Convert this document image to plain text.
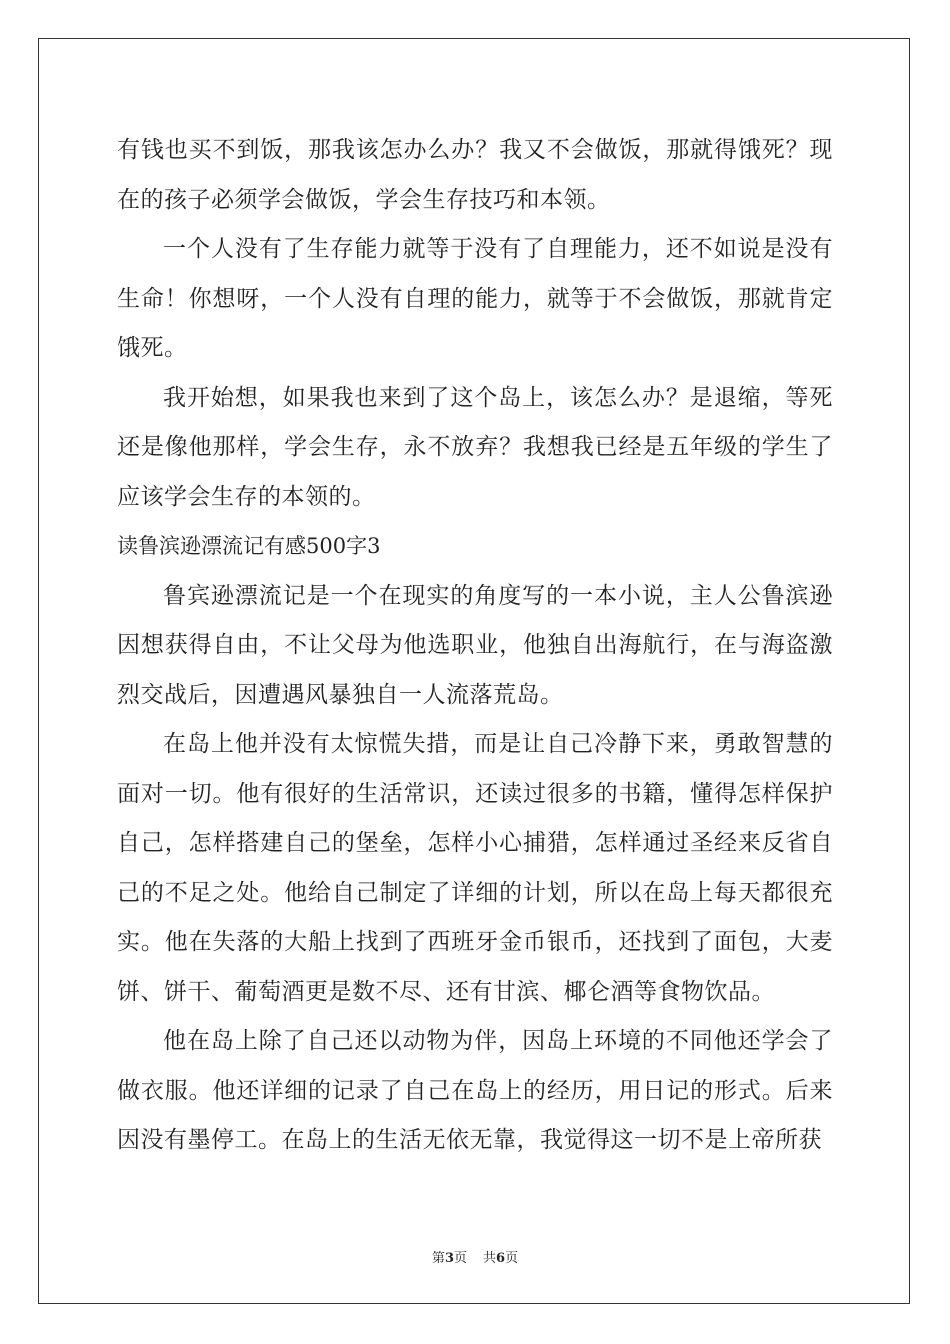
有钱也买不到饭，那我该怎办么办？我又不会做饭，那就得饿死？现在的孩子必须学会做饭，学会生存技巧和本领。

一个人没有了生存能力就等于没有了自理能力，还不如说是没有生命！你想呀，一个人没有自理的能力，就等于不会做饭，那就肯定饿死。

我开始想，如果我也来到了这个岛上，该怎么办？是退缩，等死还是像他那样，学会生存，永不放弃？我想我已经是五年级的学生了应该学会生存的本领的。

读鲁滨逊漂流记有感500字3

鲁宾逊漂流记是一个在现实的角度写的一本小说，主人公鲁滨逊因想获得自由，不让父母为他选职业，他独自出海航行，在与海盗激烈交战后，因遭遇风暴独自一人流落荒岛。

在岛上他并没有太惊慌失措，而是让自己冷静下来，勇敢智慧的面对一切。他有很好的生活常识，还读过很多的书籍，懂得怎样保护自己，怎样搭建自己的堡垒，怎样小心捕猎，怎样通过圣经来反省自己的不足之处。他给自己制定了详细的计划，所以在岛上每天都很充实。他在失落的大船上找到了西班牙金币银币，还找到了面包，大麦饼、饼干、葡萄酒更是数不尽、还有甘滨、椰仑酒等食物饮品。

他在岛上除了自己还以动物为伴，因岛上环境的不同他还学会了做衣服。他还详细的记录了自己在岛上的经历，用日记的形式。后来因没有墨停工。在岛上的生活无依无靠，我觉得这一切不是上帝所获

第3页 共6页
